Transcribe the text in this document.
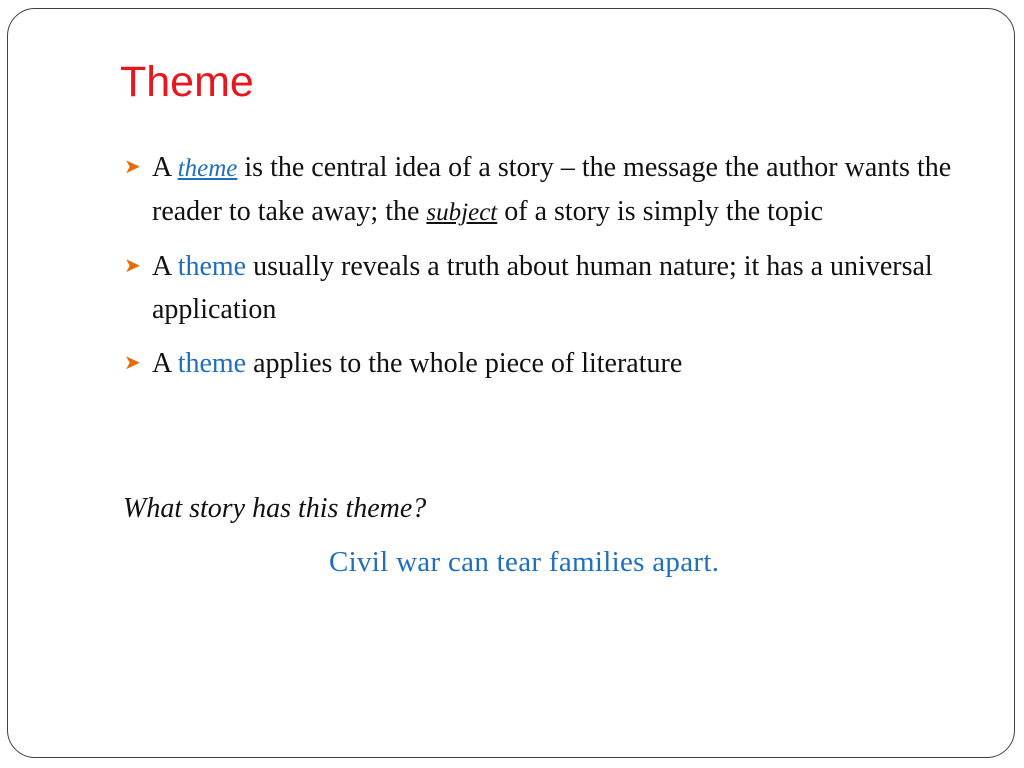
Theme
➤ A theme is the central idea of a story – the message the author wants the reader to take away; the subject of a story is simply the topic
➤ A theme usually reveals a truth about human nature; it has a universal application
➤ A theme applies to the whole piece of literature

What story has this theme?

Civil war can tear families apart.
